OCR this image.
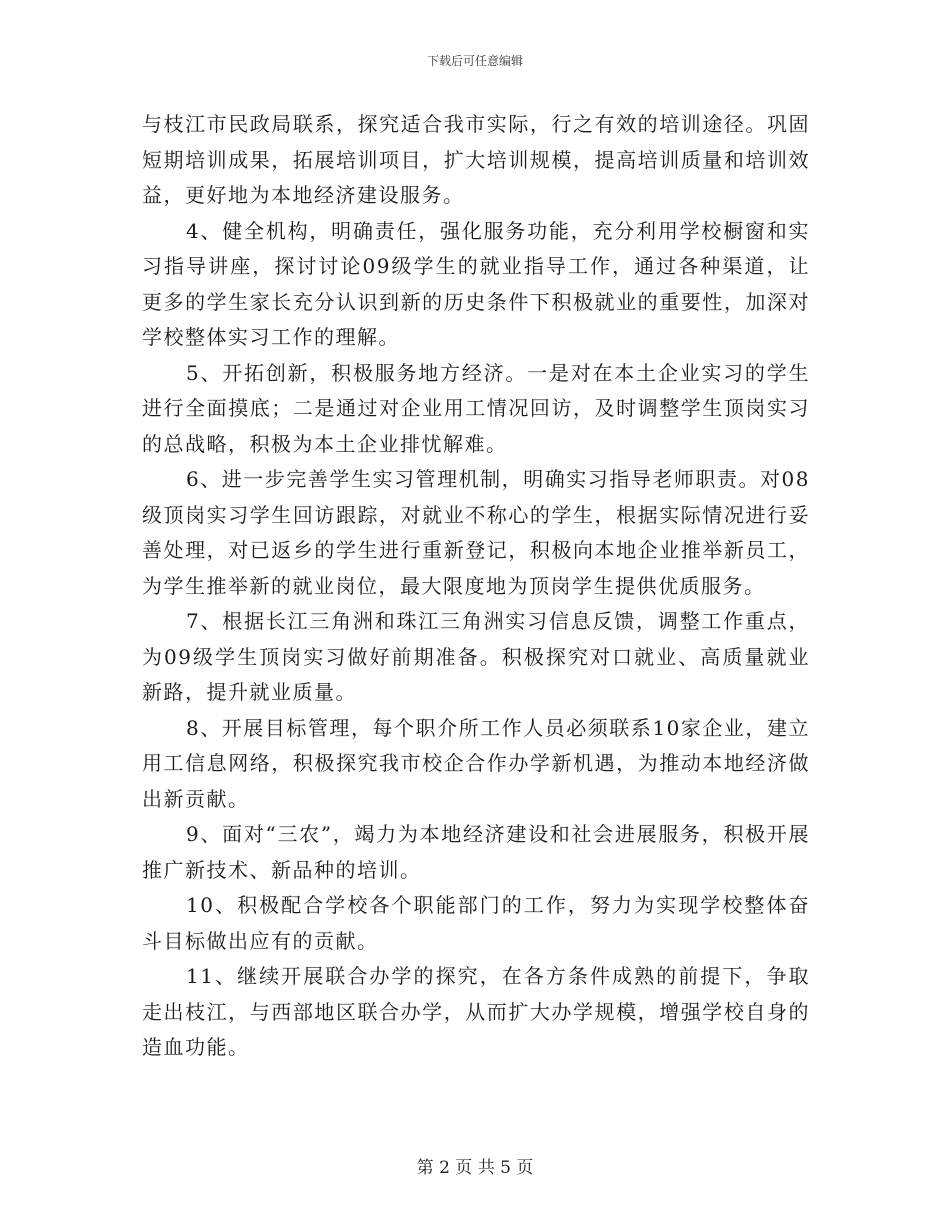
下载后可任意编辑

与枝江市民政局联系，探究适合我市实际，行之有效的培训途径。巩固短期培训成果，拓展培训项目，扩大培训规模，提高培训质量和培训效益，更好地为本地经济建设服务。

4、健全机构，明确责任，强化服务功能，充分利用学校橱窗和实习指导讲座，探讨讨论09级学生的就业指导工作，通过各种渠道，让更多的学生家长充分认识到新的历史条件下积极就业的重要性，加深对学校整体实习工作的理解。

5、开拓创新，积极服务地方经济。一是对在本土企业实习的学生进行全面摸底；二是通过对企业用工情况回访，及时调整学生顶岗实习的总战略，积极为本土企业排忧解难。

6、进一步完善学生实习管理机制，明确实习指导老师职责。对08级顶岗实习学生回访跟踪，对就业不称心的学生，根据实际情况进行妥善处理，对已返乡的学生进行重新登记，积极向本地企业推举新员工，为学生推举新的就业岗位，最大限度地为顶岗学生提供优质服务。

7、根据长江三角洲和珠江三角洲实习信息反馈，调整工作重点，为09级学生顶岗实习做好前期准备。积极探究对口就业、高质量就业新路，提升就业质量。

8、开展目标管理，每个职介所工作人员必须联系10家企业，建立用工信息网络，积极探究我市校企合作办学新机遇，为推动本地经济做出新贡献。

9、面对“三农”，竭力为本地经济建设和社会进展服务，积极开展推广新技术、新品种的培训。

10、积极配合学校各个职能部门的工作，努力为实现学校整体奋斗目标做出应有的贡献。

11、继续开展联合办学的探究，在各方条件成熟的前提下，争取走出枝江，与西部地区联合办学，从而扩大办学规模，增强学校自身的造血功能。

第 2 页 共 5 页
